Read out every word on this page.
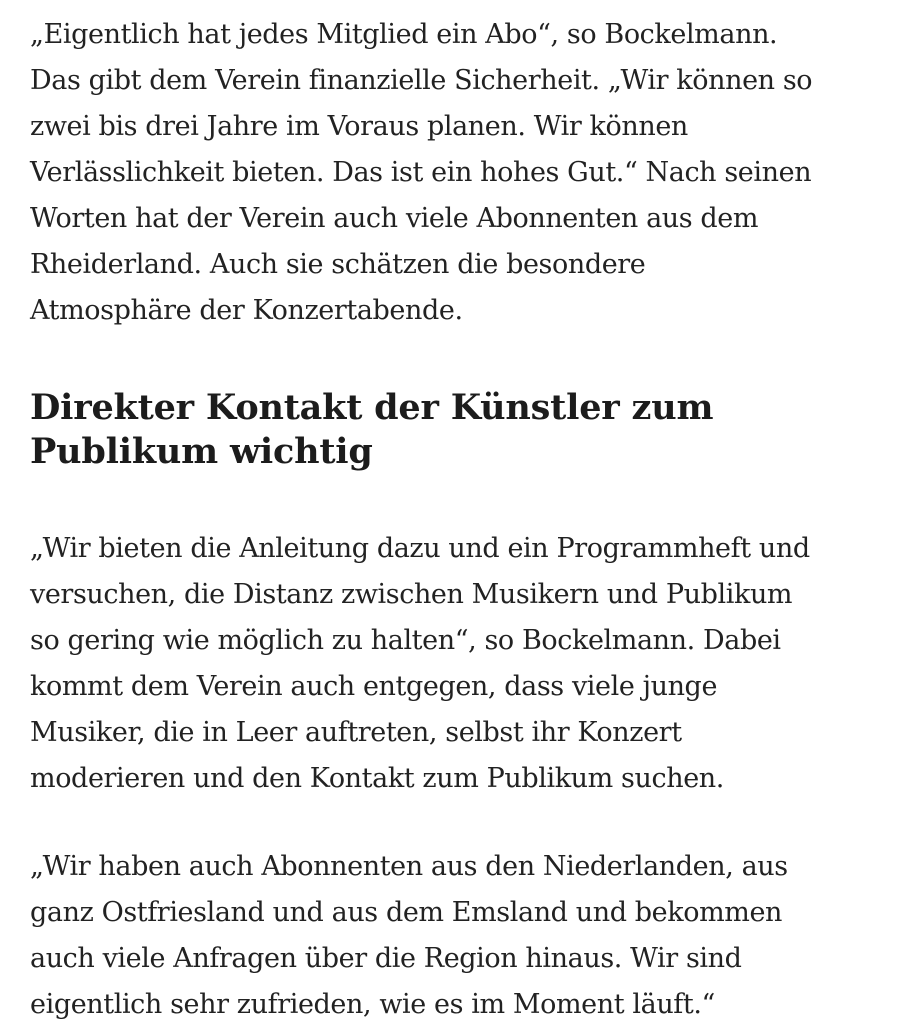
„Eigentlich hat jedes Mitglied ein Abo“, so Bockelmann.
Das gibt dem Verein finanzielle Sicherheit. „Wir können so
zwei bis drei Jahre im Voraus planen. Wir können
Verlässlichkeit bieten. Das ist ein hohes Gut.“ Nach seinen
Worten hat der Verein auch viele Abonnenten aus dem
Rheiderland. Auch sie schätzen die besondere
Atmosphäre der Konzertabende.

Direkter Kontakt der Künstler zum
Publikum wichtig

„Wir bieten die Anleitung dazu und ein Programmheft und
versuchen, die Distanz zwischen Musikern und Publikum
so gering wie möglich zu halten“, so Bockelmann. Dabei
kommt dem Verein auch entgegen, dass viele junge
Musiker, die in Leer auftreten, selbst ihr Konzert
moderieren und den Kontakt zum Publikum suchen.

„Wir haben auch Abonnenten aus den Niederlanden, aus
ganz Ostfriesland und aus dem Emsland und bekommen
auch viele Anfragen über die Region hinaus. Wir sind
eigentlich sehr zufrieden, wie es im Moment läuft.“
